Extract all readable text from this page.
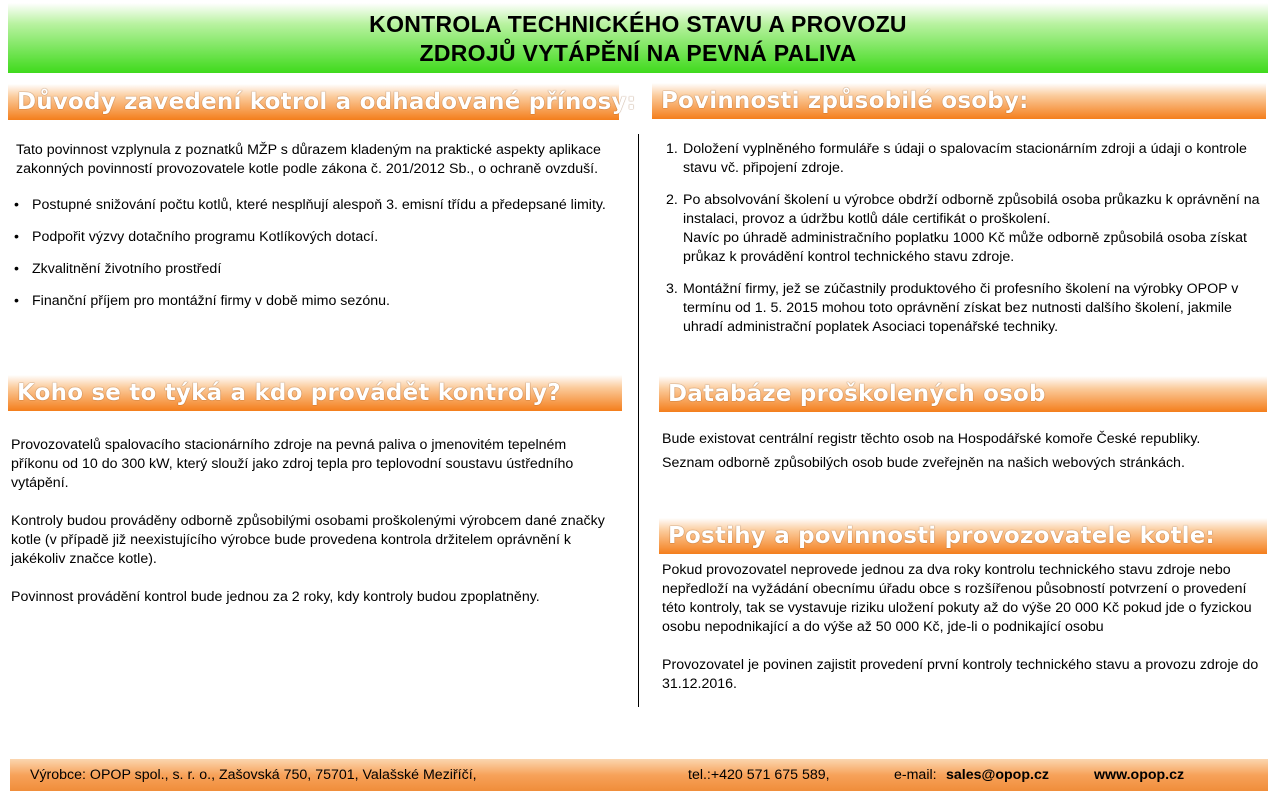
KONTROLA TECHNICKÉHO STAVU A PROVOZU
ZDROJŮ VYTÁPĚNÍ NA PEVNÁ PALIVA
Důvody zavedení kotrol a odhadované přínosy:

Tato povinnost vzplynula z poznatků MŽP s důrazem kladeným na praktické aspekty aplikace zakonných povinností provozovatele kotle podle zákona č. 201/2012 Sb., o ochraně ovzduší.

• Postupné snižování počtu kotlů, které nesplňují alespoň 3. emisní třídu a předepsané limity.
• Podpořit výzvy dotačního programu Kotlíkových dotací.
• Zkvalitnění životního prostředí
• Finanční příjem pro montážní firmy v době mimo sezónu.
Koho se to týká a kdo provádět kontroly?

Provozovatelů spalovacího stacionárního zdroje na pevná paliva o jmenovitém tepelném příkonu od 10 do 300 kW, který slouží jako zdroj tepla pro teplovodní soustavu ústředního vytápění.

Kontroly budou prováděny odborně způsobilými osobami proškolenými výrobcem dané značky kotle (v případě již neexistujícího výrobce bude provedena kontrola držitelem oprávnění k jakékoliv značce kotle).

Povinnost provádění kontrol bude jednou za 2 roky, kdy kontroly budou zpoplatněny.

Povinnosti způsobilé osoby:
1. Doložení vyplněného formuláře s údaji o spalovacím stacionárním zdroji a údaji o kontrole stavu vč. připojení zdroje.
2. Po absolvování školení u výrobce obdrží odborně způsobilá osoba průkazku k oprávnění na instalaci, provoz a údržbu kotlů dále certifikát o proškolení.
Navíc po úhradě administračního poplatku 1000 Kč může odborně způsobilá osoba získat průkaz k provádění kontrol technického stavu zdroje.
3. Montážní firmy, jež se zúčastnily produktového či profesního školení na výrobky OPOP v termínu od 1. 5. 2015 mohou toto oprávnění získat bez nutnosti dalšího školení, jakmile uhradí administrační poplatek Asociaci topenářské techniky.
Databáze proškolených osob

Bude existovat centrální registr těchto osob na Hospodářské komoře České republiky.

Seznam odborně způsobilých osob bude zveřejněn na našich webových stránkách.

Postihy a povinnosti provozovatele kotle:

Pokud provozovatel neprovede jednou za dva roky kontrolu technického stavu zdroje nebo nepředloží na vyžádání obecnímu úřadu obce s rozšířenou působností potvrzení o provedení této kontroly, tak se vystavuje riziku uložení pokuty až do výše 20 000 Kč pokud jde o fyzickou osobu nepodnikající a do výše až 50 000 Kč, jde-li o podnikající osobu

Provozovatel je povinen zajistit provedení první kontroly technického stavu a provozu zdroje do 31.12.2016.

Výrobce: OPOP spol., s. r. o., Zašovská 750, 75701, Valašské Meziříčí,	tel.:+420 571 675 589,	e-mail: sales@opop.cz	www.opop.cz
